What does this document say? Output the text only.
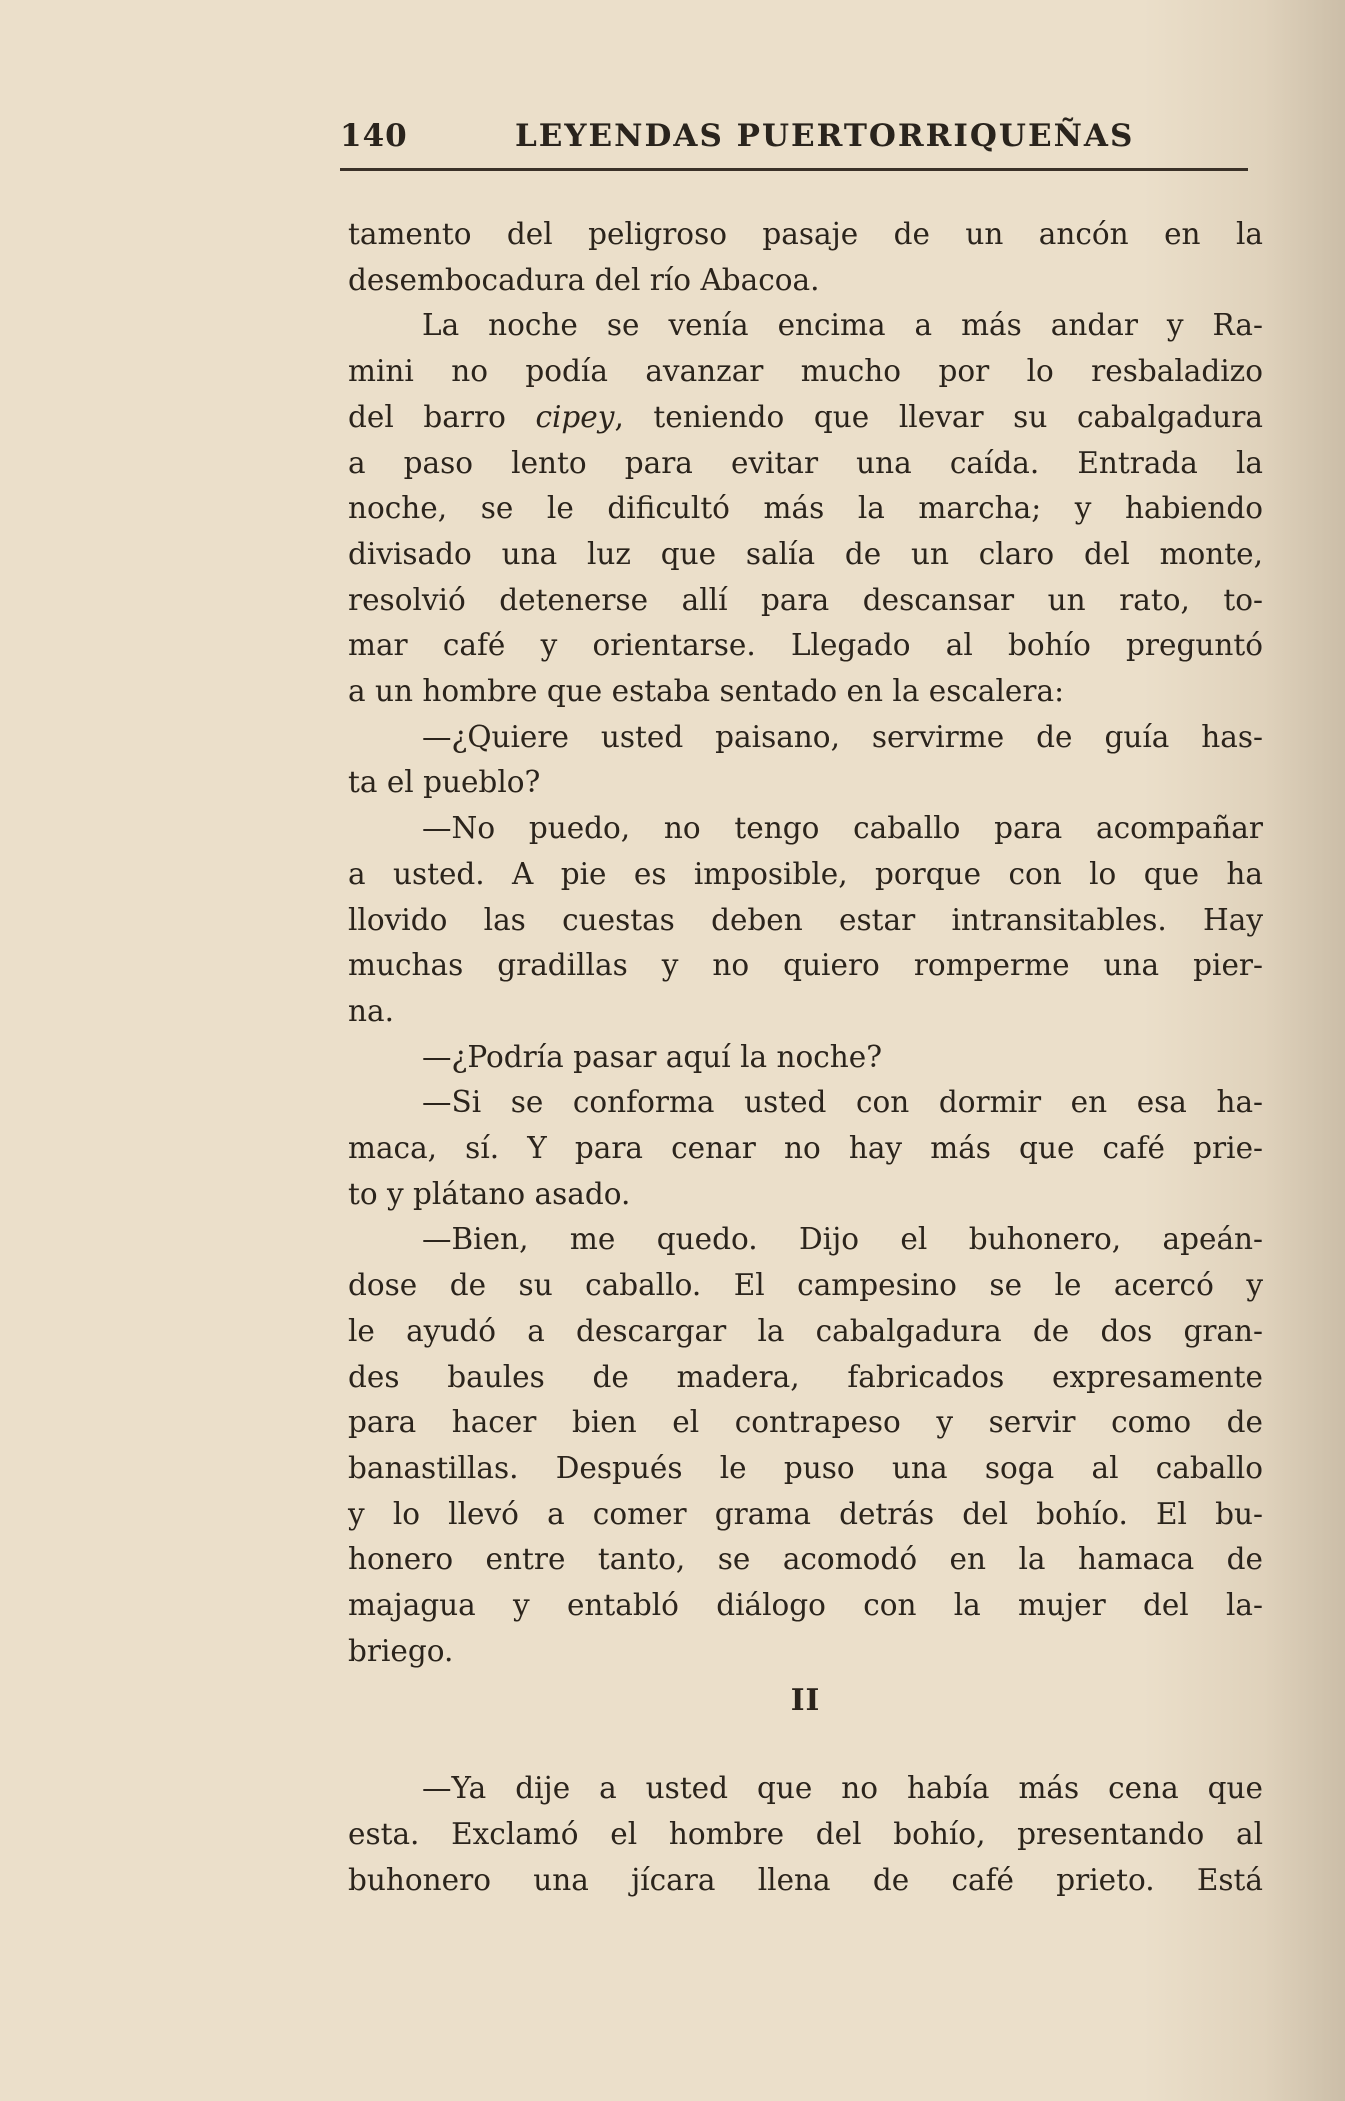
140	LEYENDAS PUERTORRIQUEÑAS

tamento del peligroso pasaje de un ancón en la
desembocadura del río Abacoa.

La noche se venía encima a más andar y Ra-
mini no podía avanzar mucho por lo resbaladizo
del barro cipey, teniendo que llevar su cabalgadura
a paso lento para evitar una caída. Entrada la
noche, se le dificultó más la marcha; y habiendo
divisado una luz que salía de un claro del monte,
resolvió detenerse allí para descansar un rato, to-
mar café y orientarse. Llegado al bohío preguntó
a un hombre que estaba sentado en la escalera:

—¿Quiere usted paisano, servirme de guía has-
ta el pueblo?

—No puedo, no tengo caballo para acompañar
a usted. A pie es imposible, porque con lo que ha
llovido las cuestas deben estar intransitables. Hay
muchas gradillas y no quiero romperme una pier-
na.

—¿Podría pasar aquí la noche?

—Si se conforma usted con dormir en esa ha-
maca, sí. Y para cenar no hay más que café prie-
to y plátano asado.

—Bien, me quedo. Dijo el buhonero, apeán-
dose de su caballo. El campesino se le acercó y
le ayudó a descargar la cabalgadura de dos gran-
des baules de madera, fabricados expresamente
para hacer bien el contrapeso y servir como de
banastillas. Después le puso una soga al caballo
y lo llevó a comer grama detrás del bohío. El bu-
honero entre tanto, se acomodó en la hamaca de
majagua y entabló diálogo con la mujer del la-
briego.

II

—Ya dije a usted que no había más cena que
esta. Exclamó el hombre del bohío, presentando al
buhonero una jícara llena de café prieto. Está
